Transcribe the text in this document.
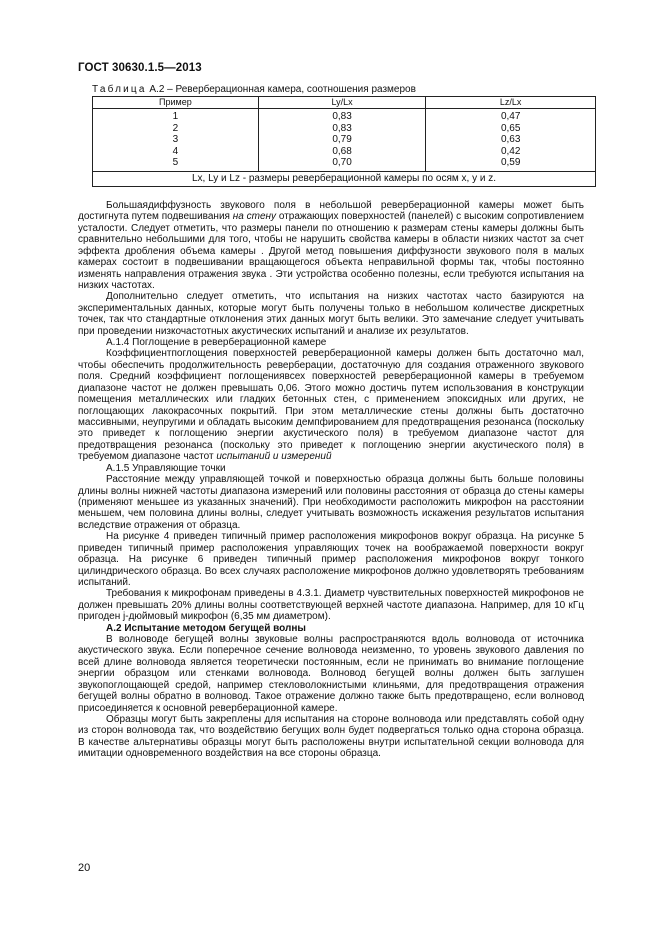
ГОСТ 30630.1.5—2013
Таблица А.2 – Реверберационная камера, соотношения размеров
Пример	Ly/Lx	Lz/Lx
1	0,83	0,47
2	0,83	0,65
3	0,79	0,63
4	0,68	0,42
5	0,70	0,59
Lx, Ly и Lz - размеры реверберационной камеры по осям x, y и z.		

Большаядиффузность звукового поля в небольшой реверберационной камеры может быть достигнута путем подвешивания на стену отражающих поверхностей (панелей) с высоким сопротивлением усталости. Следует отметить, что размеры панели по отношению к размерам стены камеры должны быть сравнительно небольшими для того, чтобы не нарушить свойства камеры в области низких частот за счет эффекта дробления объема камеры . Другой метод повышения диффузности звукового поля в малых камерах состоит в подвешивании вращающегося объекта неправильной формы так, чтобы постоянно изменять направления отражения звука . Эти устройства особенно полезны, если требуются испытания на низких частотах.

Дополнительно следует отметить, что испытания на низких частотах часто базируются на экспериментальных данных, которые могут быть получены только в небольшом количестве дискретных точек, так что стандартные отклонения этих данных могут быть велики. Это замечание следует учитывать при проведении низкочастотных акустических испытаний и анализе их результатов.

А.1.4 Поглощение в реверберационной камере

Коэффициентпоглощения поверхностей реверберационной камеры должен быть достаточно мал, чтобы обеспечить продолжительность реверберации, достаточную для создания отраженного звукового поля. Средний коэффициент поглощениявсех поверхностей реверберационной камеры в требуемом диапазоне частот не должен превышать 0,06. Этого можно достичь путем использования в конструкции помещения металлических или гладких бетонных стен, с применением эпоксидных или других, не поглощающих лакокрасочных покрытий. При этом металлические стены должны быть достаточно массивными, неупругими и обладать высоким демпфированием для предотвращения резонанса (поскольку это приведет к поглощению энергии акустического поля) в требуемом диапазоне частот для предотвращения резонанса (поскольку это приведет к поглощению энергии акустического поля) в требуемом диапазоне частот испытаний и измерений

А.1.5 Управляющие точки

Расстояние между управляющей точкой и поверхностью образца должны быть больше половины длины волны нижней частоты диапазона измерений или половины расстояния от образца до стены камеры (применяют меньшее из указанных значений). При необходимости расположить микрофон на расстоянии меньшем, чем половина длины волны, следует учитывать возможность искажения результатов испытания вследствие отражения от образца.

На рисунке 4 приведен типичный пример расположения микрофонов вокруг образца. На рисунке 5 приведен типичный пример расположения управляющих точек на воображаемой поверхности вокруг образца. На рисунке 6 приведен типичный пример расположения микрофонов вокруг тонкого цилиндрического образца. Во всех случаях расположение микрофонов должно удовлетворять требованиям испытаний.

Требования к микрофонам приведены в 4.3.1. Диаметр чувствительных поверхностей микрофонов не должен превышать 20% длины волны соответствующей верхней частоте диапазона. Например, для 10 кГц пригоден j-дюймовый микрофон (6,35 мм диаметром).

А.2 Испытание методом бегущей волны

В волноводе бегущей волны звуковые волны распространяются вдоль волновода от источника акустического звука. Если поперечное сечение волновода неизменно, то уровень звукового давления по всей длине волновода является теоретически постоянным, если не принимать во внимание поглощение энергии образцом или стенками волновода. Волновод бегущей волны должен быть заглушен звукопоглощающей средой, например стекловолокнистыми клиньями, для предотвращения отражения бегущей волны обратно в волновод. Такое отражение должно также быть предотвращено, если волновод присоединяется к основной реверберационной камере.

Образцы могут быть закреплены для испытания на стороне волновода или представлять собой одну из сторон волновода так, что воздействию бегущих волн будет подвергаться только одна сторона образца. В качестве альтернативы образцы могут быть расположены внутри испытательной секции волновода для имитации одновременного воздействия на все стороны образца.

20
